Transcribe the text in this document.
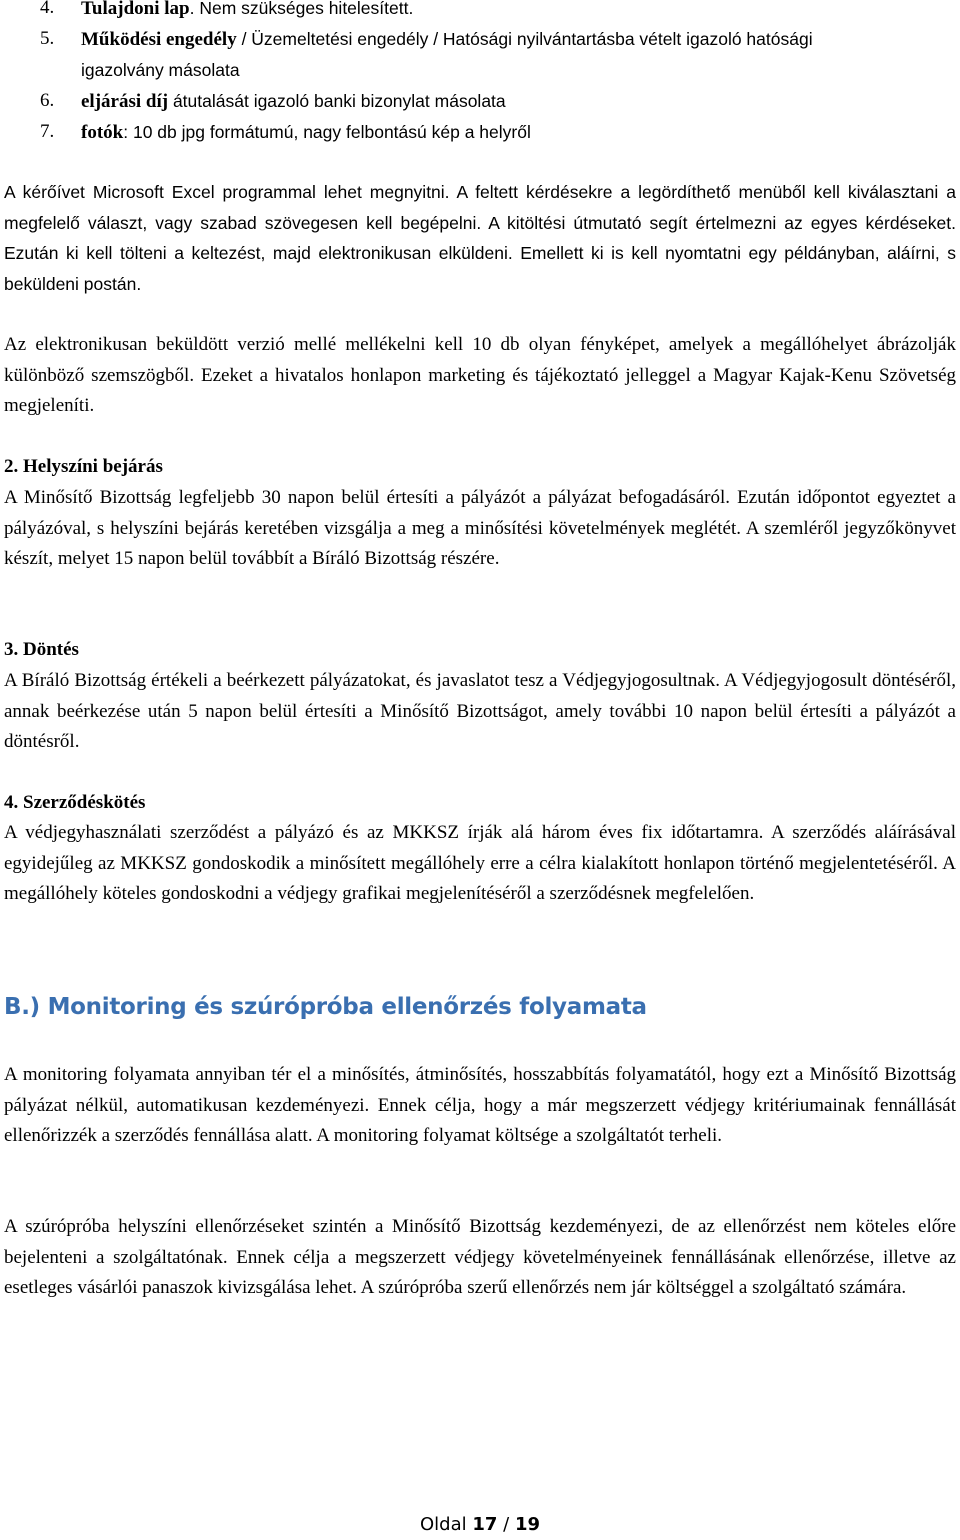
4. Tulajdoni lap. Nem szükséges hitelesített.
5. Működési engedély / Üzemeltetési engedély / Hatósági nyilvántartásba vételt igazoló hatósági
igazolvány másolata
6. eljárási díj átutalását igazoló banki bizonylat másolata
7. fotók: 10 db jpg formátumú, nagy felbontású kép a helyről
A kérőívet Microsoft Excel programmal lehet megnyitni. A feltett kérdésekre a legördíthető menüből kell kiválasztani a megfelelő választ, vagy szabad szövegesen kell begépelni. A kitöltési útmutató segít értelmezni az egyes kérdéseket. Ezután ki kell tölteni a keltezést, majd elektronikusan elküldeni. Emellett ki is kell nyomtatni egy példányban, aláírni, s beküldeni postán.
Az elektronikusan beküldött verzió mellé mellékelni kell 10 db olyan fényképet, amelyek a megállóhelyet ábrázolják különböző szemszögből. Ezeket a hivatalos honlapon marketing és tájékoztató jelleggel a Magyar Kajak-Kenu Szövetség megjeleníti.
2. Helyszíni bejárás
A Minősítő Bizottság legfeljebb 30 napon belül értesíti a pályázót a pályázat befogadásáról. Ezután időpontot egyeztet a pályázóval, s helyszíni bejárás keretében vizsgálja a meg a minősítési követelmények meglétét. A szemléről jegyzőkönyvet készít, melyet 15 napon belül továbbít a Bíráló Bizottság részére.
3. Döntés
A Bíráló Bizottság értékeli a beérkezett pályázatokat, és javaslatot tesz a Védjegyjogosultnak. A Védjegyjogosult döntéséről, annak beérkezése után 5 napon belül értesíti a Minősítő Bizottságot, amely további 10 napon belül értesíti a pályázót a döntésről.
4. Szerződéskötés
A védjegyhasználati szerződést a pályázó és az MKKSZ írják alá három éves fix időtartamra. A szerződés aláírásával egyidejűleg az MKKSZ gondoskodik a minősített megállóhely erre a célra kialakított honlapon történő megjelentetéséről. A megállóhely köteles gondoskodni a védjegy grafikai megjelenítéséről a szerződésnek megfelelően.
B.) Monitoring és szúrópróba ellenőrzés folyamata
A monitoring folyamata annyiban tér el a minősítés, átminősítés, hosszabbítás folyamatától, hogy ezt a Minősítő Bizottság pályázat nélkül, automatikusan kezdeményezi. Ennek célja, hogy a már megszerzett védjegy kritériumainak fennállását ellenőrizzék a szerződés fennállása alatt. A monitoring folyamat költsége a szolgáltatót terheli.
A szúrópróba helyszíni ellenőrzéseket szintén a Minősítő Bizottság kezdeményezi, de az ellenőrzést nem köteles előre bejelenteni a szolgáltatónak. Ennek célja a megszerzett védjegy követelményeinek fennállásának ellenőrzése, illetve az esetleges vásárlói panaszok kivizsgálása lehet. A szúrópróba szerű ellenőrzés nem jár költséggel a szolgáltató számára.
Oldal 17 / 19
